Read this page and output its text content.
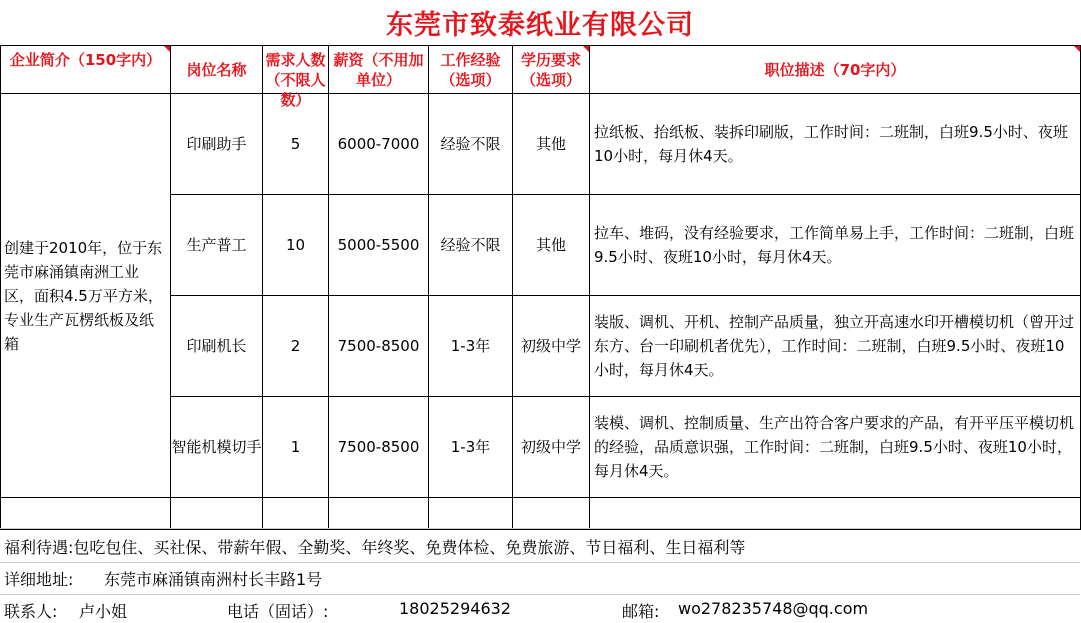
东莞市致泰纸业有限公司
企业简介（150字内）	岗位名称	需求人数（不限人数）	薪资（不用加单位）	工作经验（选项）	学历要求（选项）	职位描述（70字内）

创建于2010年，位于东莞市麻涌镇南洲工业区，面积4.5万平方米，专业生产瓦楞纸板及纸箱	印刷助手	5	6000-7000	经验不限	其他	拉纸板、抬纸板、装拆印刷版，工作时间：二班制，白班9.5小时、夜班10小时，每月休4天。
	生产普工	10	5000-5500	经验不限	其他	拉车、堆码，没有经验要求，工作简单易上手，工作时间：二班制，白班9.5小时、夜班10小时，每月休4天。
	印刷机长	2	7500-8500	1-3年	初级中学	装版、调机、开机、控制产品质量，独立开高速水印开槽模切机（曾开过东方、台一印刷机者优先），工作时间：二班制，白班9.5小时、夜班10小时，每月休4天。
	智能机模切手	1	7500-8500	1-3年	初级中学	装模、调机、控制质量、生产出符合客户要求的产品，有开平压平模切机的经验，品质意识强，工作时间：二班制，白班9.5小时、夜班10小时，每月休4天。

福利待遇:包吃包住、买社保、带薪年假、全勤奖、年终奖、免费体检、免费旅游、节日福利、生日福利等
详细地址: 东莞市麻涌镇南洲村长丰路1号
联系人: 卢小姐	电话（固话）:	18025294632	邮箱: wo278235748@qq.com
